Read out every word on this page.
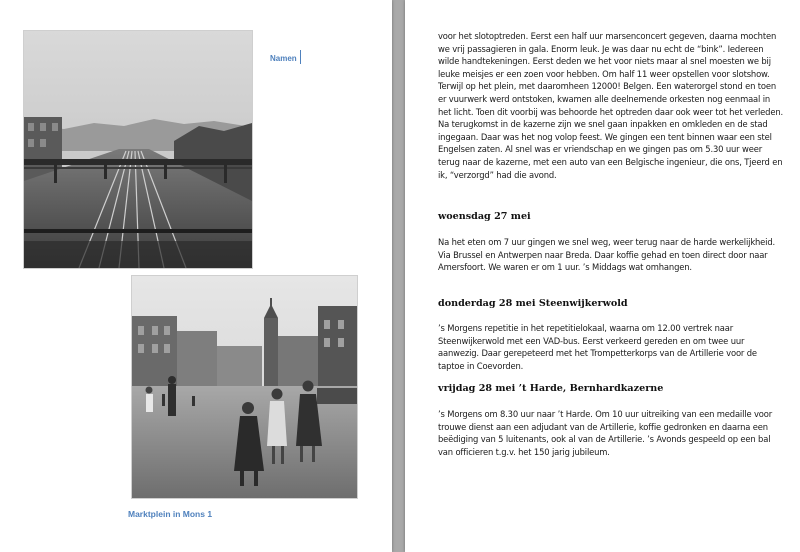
Namen
Marktplein in Mons 1

voor het slotoptreden. Eerst een half uur marsenconcert gegeven, daarna mochten we vrij passagieren in gala. Enorm leuk. Je was daar nu echt de “bink”. Iedereen wilde handtekeningen. Eerst deden we het voor niets maar al snel moesten we bij leuke meisjes er een zoen voor hebben. Om half 11 weer opstellen voor slotshow. Terwijl op het plein, met daaromheen 12000! Belgen. Een waterorgel stond en toen er vuurwerk werd ontstoken, kwamen alle deelnemende orkesten nog eenmaal in het licht. Toen dit voorbij was behoorde het optreden daar ook weer tot het verleden. Na terugkomst in de kazerne zijn we snel gaan inpakken en omkleden en de stad ingegaan. Daar was het nog volop feest. We gingen een tent binnen waar een stel Engelsen zaten. Al snel was er vriendschap en we gingen pas om 5.30 uur weer terug naar de kazerne, met een auto van een Belgische ingenieur, die ons, Tjeerd en ik, “verzorgd” had die avond.

woensdag 27 mei

Na het eten om 7 uur gingen we snel weg, weer terug naar de harde werkelijkheid. Via Brussel en Antwerpen naar Breda. Daar koffie gehad en toen direct door naar Amersfoort. We waren er om 1 uur. ’s Middags wat omhangen.

donderdag 28 mei Steenwijkerwold

’s Morgens repetitie in het repetitielokaal, waarna om 12.00 vertrek naar Steenwijkerwold met een VAD-bus. Eerst verkeerd gereden en om twee uur aanwezig. Daar gerepeteerd met het Trompetterkorps van de Artillerie voor de taptoe in Coevorden.

vrijdag 28 mei ’t Harde, Bernhardkazerne

’s Morgens om 8.30 uur naar ’t Harde. Om 10 uur uitreiking van een medaille voor trouwe dienst aan een adjudant van de Artillerie, koffie gedronken en daarna een beëdiging van 5 luitenants, ook al van de Artillerie. ’s Avonds gespeeld op een bal van officieren t.g.v. het 150 jarig jubileum.
